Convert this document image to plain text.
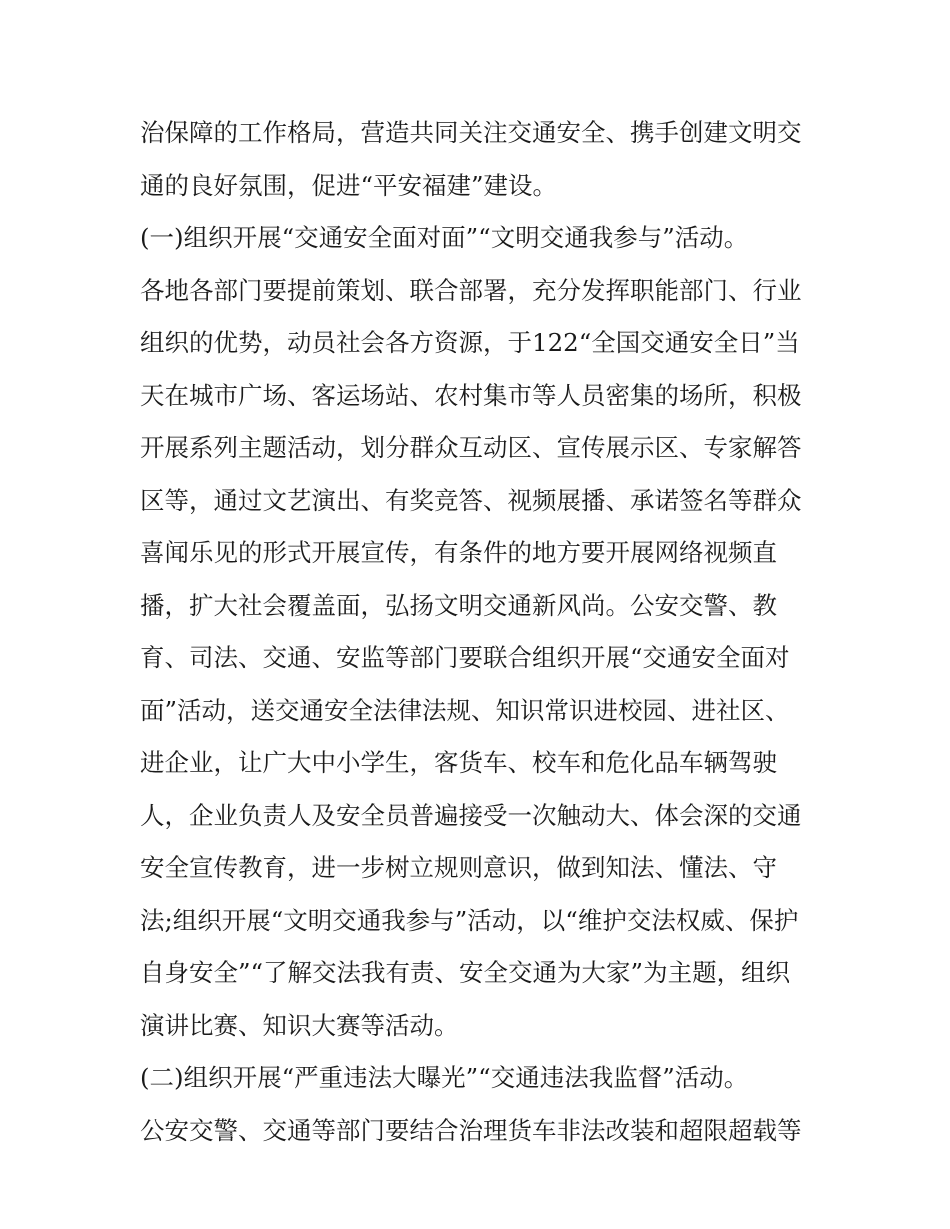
治保障的工作格局，营造共同关注交通安全、携手创建文明交
通的良好氛围，促进“平安福建”建设。
(一)组织开展“交通安全面对面”“文明交通我参与”活动。
各地各部门要提前策划、联合部署，充分发挥职能部门、行业
组织的优势，动员社会各方资源，于122“全国交通安全日”当
天在城市广场、客运场站、农村集市等人员密集的场所，积极
开展系列主题活动，划分群众互动区、宣传展示区、专家解答
区等，通过文艺演出、有奖竞答、视频展播、承诺签名等群众
喜闻乐见的形式开展宣传，有条件的地方要开展网络视频直
播，扩大社会覆盖面，弘扬文明交通新风尚。公安交警、教
育、司法、交通、安监等部门要联合组织开展“交通安全面对
面”活动，送交通安全法律法规、知识常识进校园、进社区、
进企业，让广大中小学生，客货车、校车和危化品车辆驾驶
人，企业负责人及安全员普遍接受一次触动大、体会深的交通
安全宣传教育，进一步树立规则意识，做到知法、懂法、守
法;组织开展“文明交通我参与”活动，以“维护交法权威、保护
自身安全”“了解交法我有责、安全交通为大家”为主题，组织
演讲比赛、知识大赛等活动。
(二)组织开展“严重违法大曝光”“交通违法我监督”活动。
公安交警、交通等部门要结合治理货车非法改装和超限超载等
